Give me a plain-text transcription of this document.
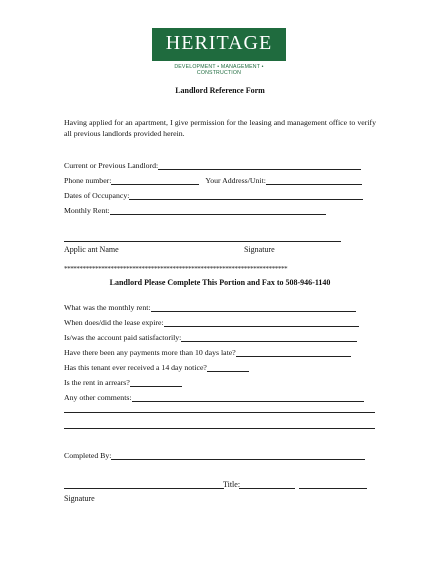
HERITAGE
DEVELOPMENT • MANAGEMENT • CONSTRUCTION
Landlord Reference Form
Having applied for an apartment, I give permission for the leasing and management office to verify all previous landlords provided herein.
Current or Previous Landlord:
Phone number:	Your Address/Unit:
Dates of Occupancy:
Monthly Rent:
Applic ant Name	Signature
************************************************************************
Landlord Please Complete This Portion and Fax to 508-946-1140
What was the monthly rent:
When does/did the lease expire:
Is/was the account paid satisfactorily:
Have there been any payments more than 10 days late?
Has this tenant ever received a 14 day notice?
Is the rent in arrears?
Any other comments:
Completed By:
Title:
Signature
